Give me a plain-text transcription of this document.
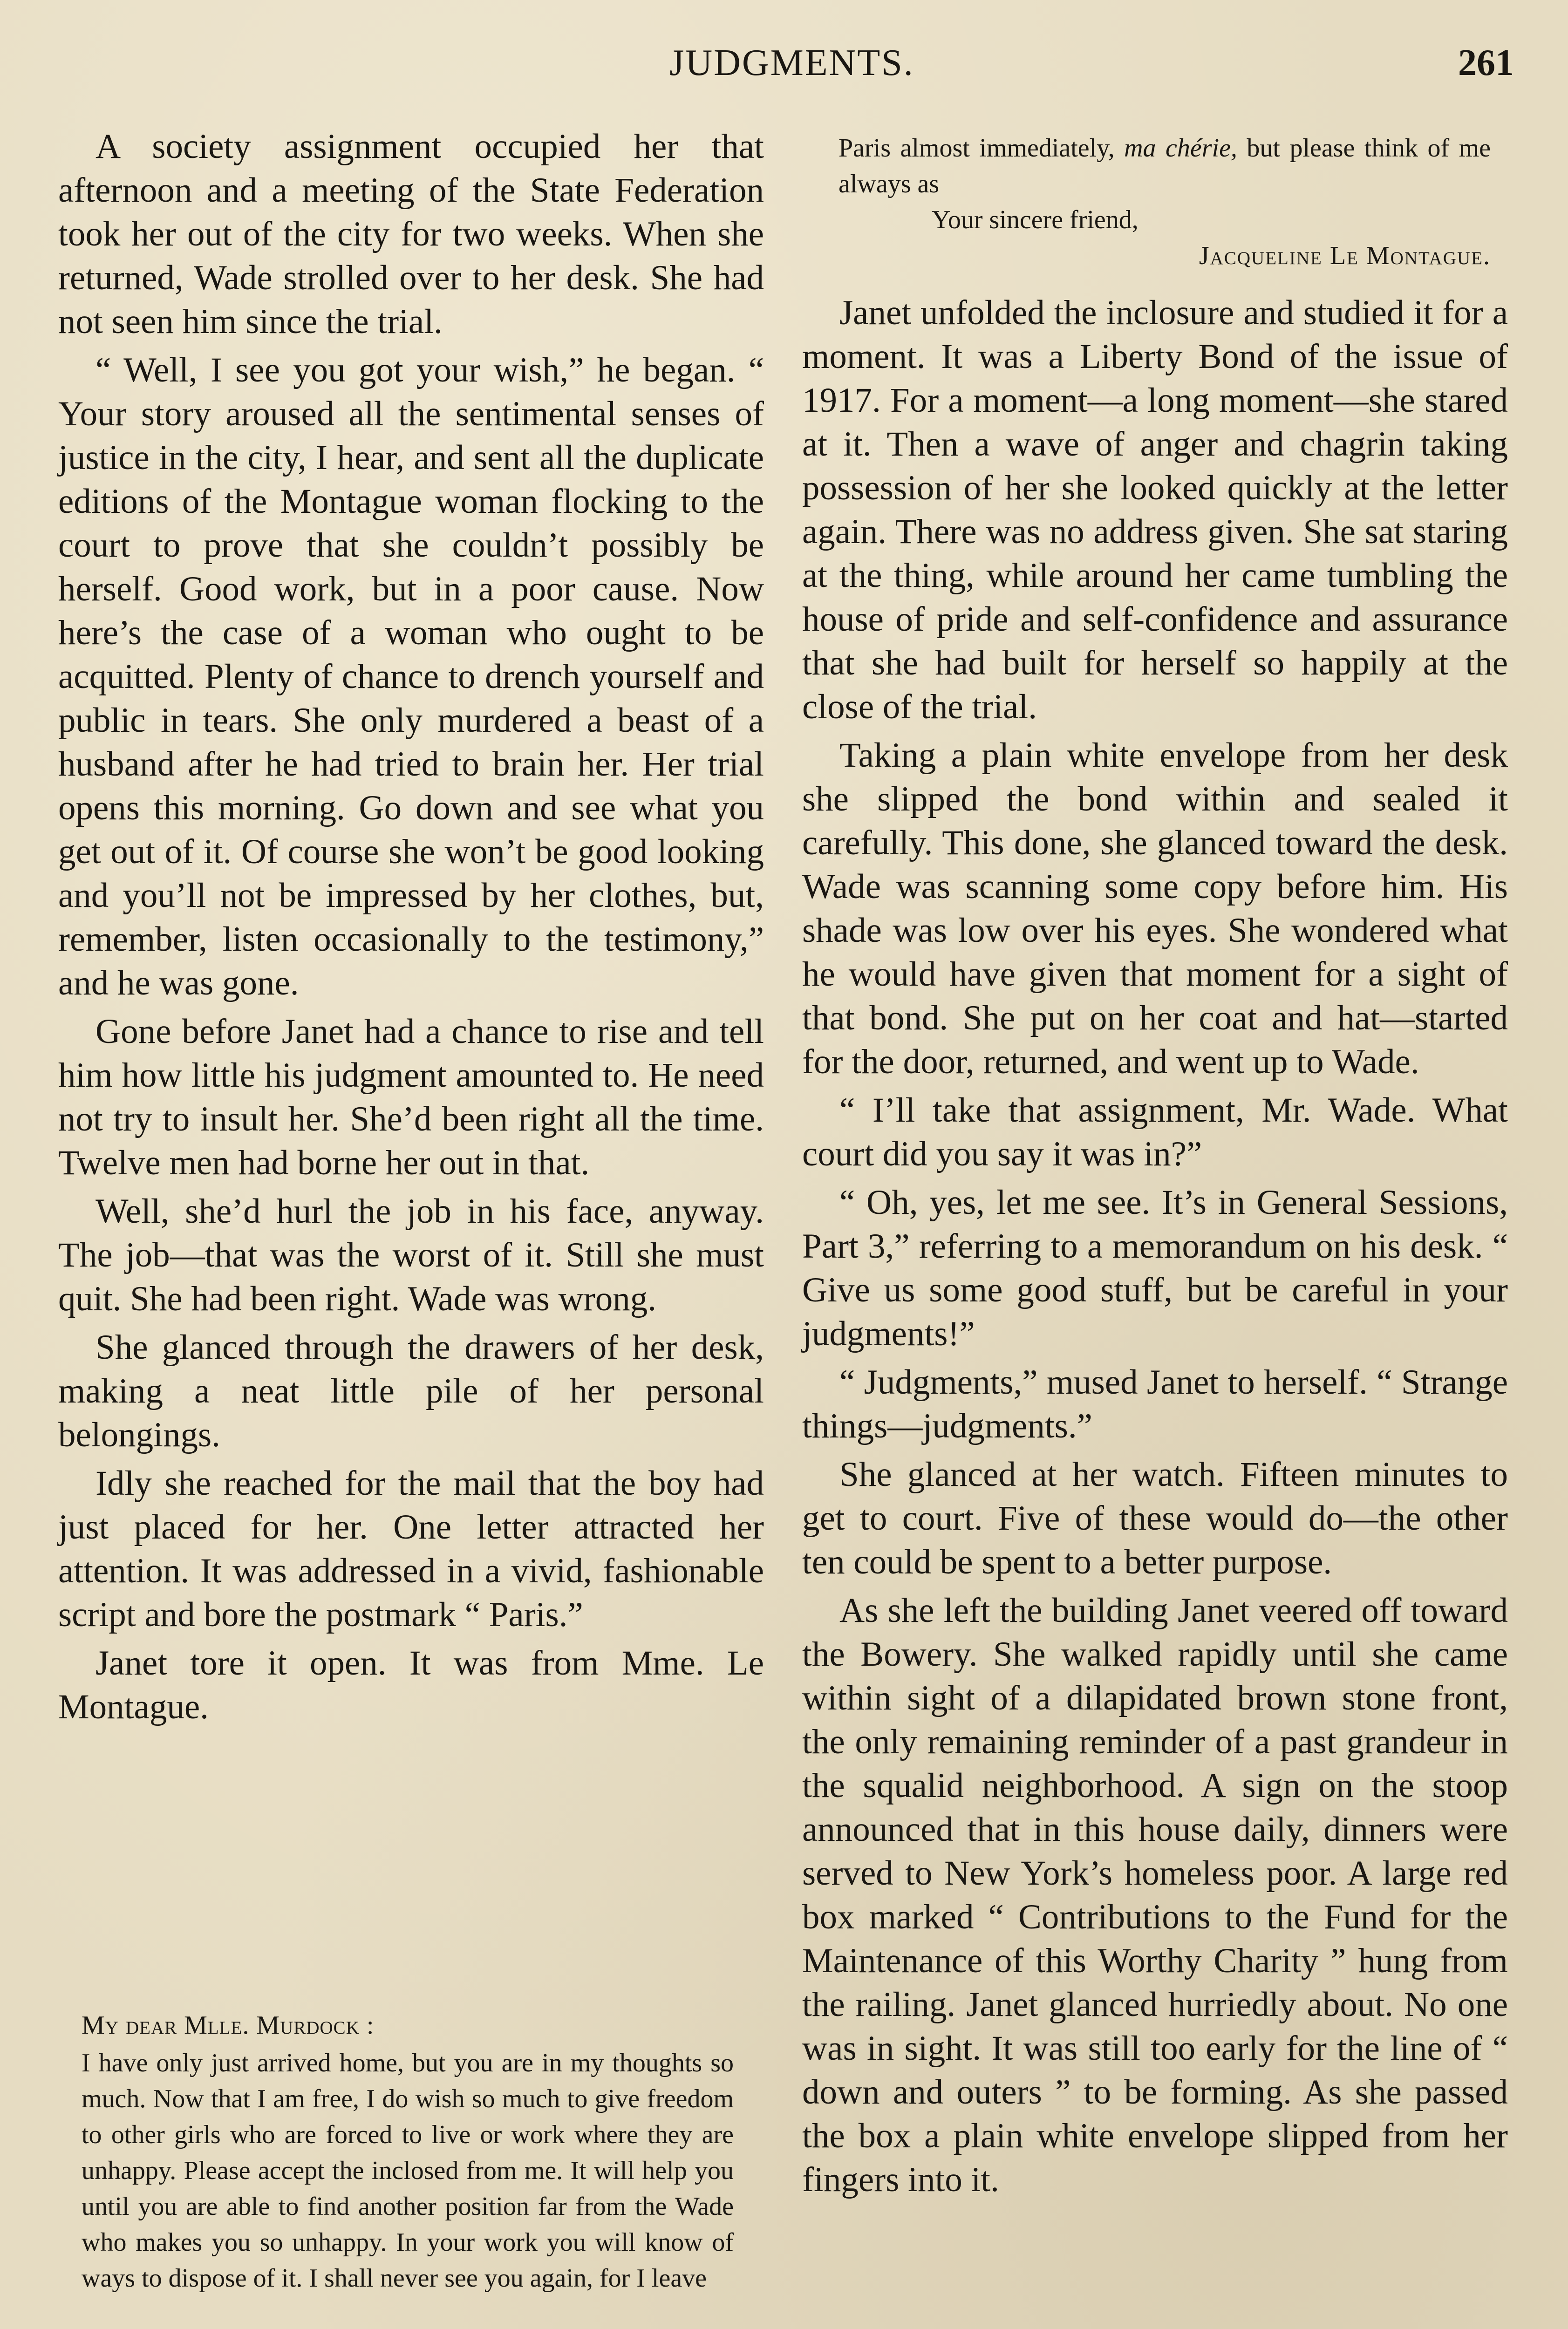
JUDGMENTS.	261

A society assignment occupied her that afternoon and a meeting of the State Federation took her out of the city for two weeks. When she returned, Wade strolled over to her desk. She had not seen him since the trial.

“ Well, I see you got your wish,” he began. “ Your story aroused all the sentimental senses of justice in the city, I hear, and sent all the duplicate editions of the Montague woman flocking to the court to prove that she couldn’t possibly be herself. Good work, but in a poor cause. Now here’s the case of a woman who ought to be acquitted. Plenty of chance to drench yourself and public in tears. She only murdered a beast of a husband after he had tried to brain her. Her trial opens this morning. Go down and see what you get out of it. Of course she won’t be good looking and you’ll not be impressed by her clothes, but, remember, listen occasionally to the testimony,” and he was gone.

Gone before Janet had a chance to rise and tell him how little his judgment amounted to. He need not try to insult her. She’d been right all the time. Twelve men had borne her out in that.

Well, she’d hurl the job in his face, anyway. The job—that was the worst of it. Still she must quit. She had been right. Wade was wrong.

She glanced through the drawers of her desk, making a neat little pile of her personal belongings.

Idly she reached for the mail that the boy had just placed for her. One letter attracted her attention. It was addressed in a vivid, fashionable script and bore the postmark “ Paris.”

Janet tore it open. It was from Mme. Le Montague.

My dear Mlle. Murdock :

I have only just arrived home, but you are in my thoughts so much. Now that I am free, I do wish so much to give freedom to other girls who are forced to live or work where they are unhappy. Please accept the inclosed from me. It will help you until you are able to find another position far from the Wade who makes you so unhappy. In your work you will know of ways to dispose of it. I shall never see you again, for I leave

Paris almost immediately, ma chérie, but please think of me always as

Your sincere friend,

Jacqueline Le Montague.

Janet unfolded the inclosure and studied it for a moment. It was a Liberty Bond of the issue of 1917. For a moment—a long moment—she stared at it. Then a wave of anger and chagrin taking possession of her she looked quickly at the letter again. There was no address given. She sat staring at the thing, while around her came tumbling the house of pride and self-confidence and assurance that she had built for herself so happily at the close of the trial.

Taking a plain white envelope from her desk she slipped the bond within and sealed it carefully. This done, she glanced toward the desk. Wade was scanning some copy before him. His shade was low over his eyes. She wondered what he would have given that moment for a sight of that bond. She put on her coat and hat—started for the door, returned, and went up to Wade.

“ I’ll take that assignment, Mr. Wade. What court did you say it was in?”

“ Oh, yes, let me see. It’s in General Sessions, Part 3,” referring to a memorandum on his desk. “ Give us some good stuff, but be careful in your judgments!”

“ Judgments,” mused Janet to herself. “ Strange things—judgments.”

She glanced at her watch. Fifteen minutes to get to court. Five of these would do—the other ten could be spent to a better purpose.

As she left the building Janet veered off toward the Bowery. She walked rapidly until she came within sight of a dilapidated brown stone front, the only remaining reminder of a past grandeur in the squalid neighborhood. A sign on the stoop announced that in this house daily, dinners were served to New York’s homeless poor. A large red box marked “ Contributions to the Fund for the Maintenance of this Worthy Charity ” hung from the railing. Janet glanced hurriedly about. No one was in sight. It was still too early for the line of “ down and outers ” to be forming. As she passed the box a plain white envelope slipped from her fingers into it.
